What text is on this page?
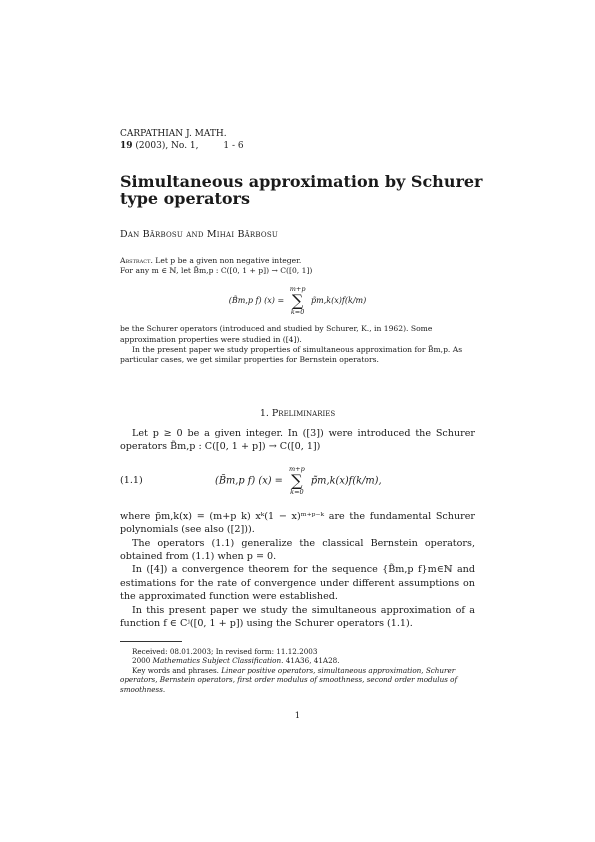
CARPATHIAN J. MATH.
19 (2003), No. 1,	1 - 6
Simultaneous approximation by Schurer type operators
Dan Bărbosu and Mihai Bărbosu

Abstract. Let p be a given non negative integer.

For any m ∈ ℕ, let B̃m,p : C([0, 1 + p]) → C([0, 1])

(B̃m,p f) (x) = m+p
∑
k=0 p̃m,k(x)f(k/m)

be the Schurer operators (introduced and studied by Schurer, K., in 1962). Some approximation properties were studied in ([4]).

In the present paper we study properties of simultaneous approximation for B̃m,p. As particular cases, we get similar properties for Bernstein operators.

1. Preliminaries

Let p ≥ 0 be a given integer. In ([3]) were introduced the Schurer operators B̃m,p : C([0, 1 + p]) → C([0, 1])

(1.1)	(B̃m,p f) (x) = m+p
∑
k=0 p̃m,k(x)f(k/m),

where p̃m,k(x) = (m+p k) xᵏ(1 − x)ᵐ⁺ᵖ⁻ᵏ are the fundamental Schurer polynomials (see also ([2])).

The operators (1.1) generalize the classical Bernstein operators, obtained from (1.1) when p = 0.

In ([4]) a convergence theorem for the sequence {B̃m,p f}m∈ℕ and estimations for the rate of convergence under different assumptions on the approximated function were established.

In this present paper we study the simultaneous approximation of a function f ∈ Cʲ([0, 1 + p]) using the Schurer operators (1.1).

Received: 08.01.2003; In revised form: 11.12.2003

2000 Mathematics Subject Classification. 41A36, 41A28.

Key words and phrases. Linear positive operators, simultaneous approximation, Schurer operators, Bernstein operators, first order modulus of smoothness, second order modulus of smoothness.

1
